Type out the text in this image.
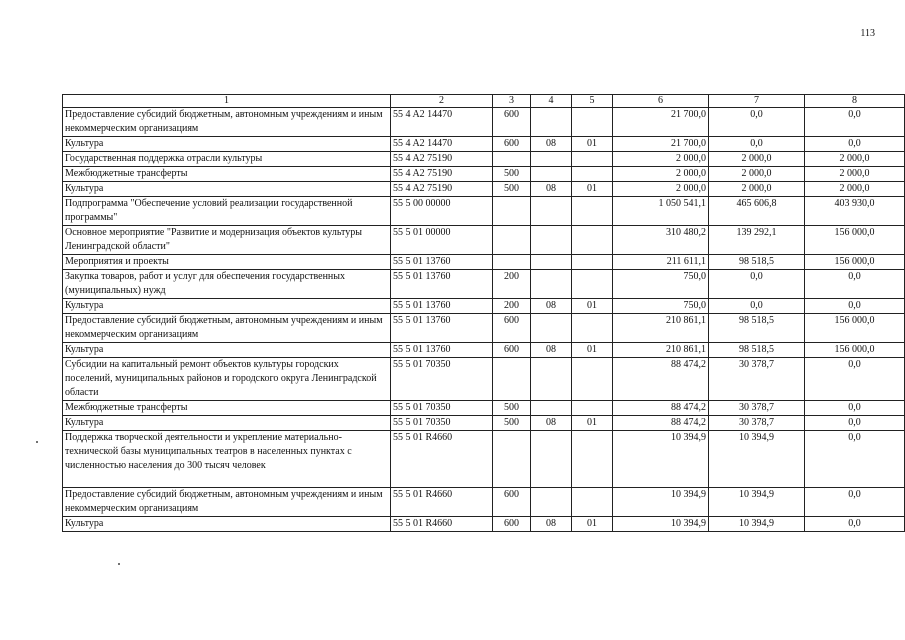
113
1	2	3	4	5	6	7	8
Предоставление субсидий бюджетным, автономным учреждениям и иным некоммерческим организациям	55 4 A2 14470	600			21 700,0	0,0	0,0
Культура	55 4 A2 14470	600	08	01	21 700,0	0,0	0,0
Государственная поддержка отрасли культуры	55 4 A2 75190				2 000,0	2 000,0	2 000,0
Межбюджетные трансферты	55 4 A2 75190	500			2 000,0	2 000,0	2 000,0
Культура	55 4 A2 75190	500	08	01	2 000,0	2 000,0	2 000,0
Подпрограмма "Обеспечение условий реализации государственной программы"	55 5 00 00000				1 050 541,1	465 606,8	403 930,0
Основное мероприятие "Развитие и модернизация объектов культуры Ленинградской области"	55 5 01 00000				310 480,2	139 292,1	156 000,0
Мероприятия и проекты	55 5 01 13760				211 611,1	98 518,5	156 000,0
Закупка товаров, работ и услуг для обеспечения государственных (муниципальных) нужд	55 5 01 13760	200			750,0	0,0	0,0
Культура	55 5 01 13760	200	08	01	750,0	0,0	0,0
Предоставление субсидий бюджетным, автономным учреждениям и иным некоммерческим организациям	55 5 01 13760	600			210 861,1	98 518,5	156 000,0
Культура	55 5 01 13760	600	08	01	210 861,1	98 518,5	156 000,0
Субсидии на капитальный ремонт объектов культуры городских поселений, муниципальных районов и городского округа Ленинградской области	55 5 01 70350				88 474,2	30 378,7	0,0
Межбюджетные трансферты	55 5 01 70350	500			88 474,2	30 378,7	0,0
Культура	55 5 01 70350	500	08	01	88 474,2	30 378,7	0,0
Поддержка творческой деятельности и укрепление материально-технической базы муниципальных театров в населенных пунктах с численностью населения до 300 тысяч человек	55 5 01 R4660				10 394,9	10 394,9	0,0
Предоставление субсидий бюджетным, автономным учреждениям и иным некоммерческим организациям	55 5 01 R4660	600			10 394,9	10 394,9	0,0
Культура	55 5 01 R4660	600	08	01	10 394,9	10 394,9	0,0
